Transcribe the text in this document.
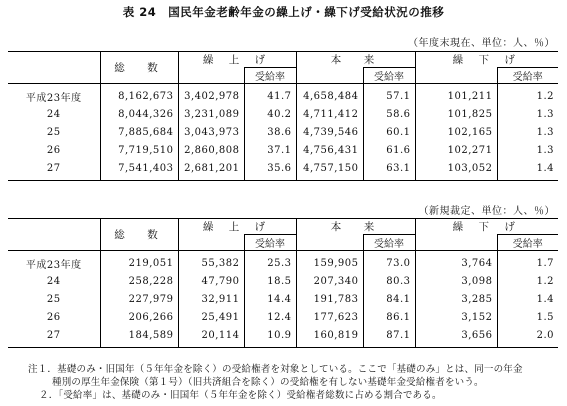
表 24　国民年金老齢年金の繰上げ・繰下げ受給状況の推移
（年度末現在、単位：人、％）
	総　数	繰 上 げ		本　来		繰 下 げ	
			受給率		受給率		受給率
平成23年度	8,162,673	3,402,978	41.7	4,658,484	57.1	101,211	1.2
24	8,044,326	3,231,089	40.2	4,711,412	58.6	101,825	1.3
25	7,885,684	3,043,973	38.6	4,739,546	60.1	102,165	1.3
26	7,719,510	2,860,808	37.1	4,756,431	61.6	102,271	1.3
27	7,541,403	2,681,201	35.6	4,757,150	63.1	103,052	1.4
（新規裁定、単位：人、％）
	総　数	繰 上 げ		本　来		繰 下 げ	
			受給率		受給率		受給率
平成23年度	219,051	55,382	25.3	159,905	73.0	3,764	1.7
24	258,228	47,790	18.5	207,340	80.3	3,098	1.2
25	227,979	32,911	14.4	191,783	84.1	3,285	1.4
26	206,266	25,491	12.4	177,623	86.1	3,152	1.5
27	184,589	20,114	10.9	160,819	87.1	3,656	2.0
注１．基礎のみ・旧国年（５年年金を除く）の受給権者を対象としている。ここで「基礎のみ」とは、同一の年金
種別の厚生年金保険（第１号）（旧共済組合を除く）の受給権を有しない基礎年金受給権者をいう。
２．「受給率」は、基礎のみ・旧国年（５年年金を除く）受給権者総数に占める割合である。
